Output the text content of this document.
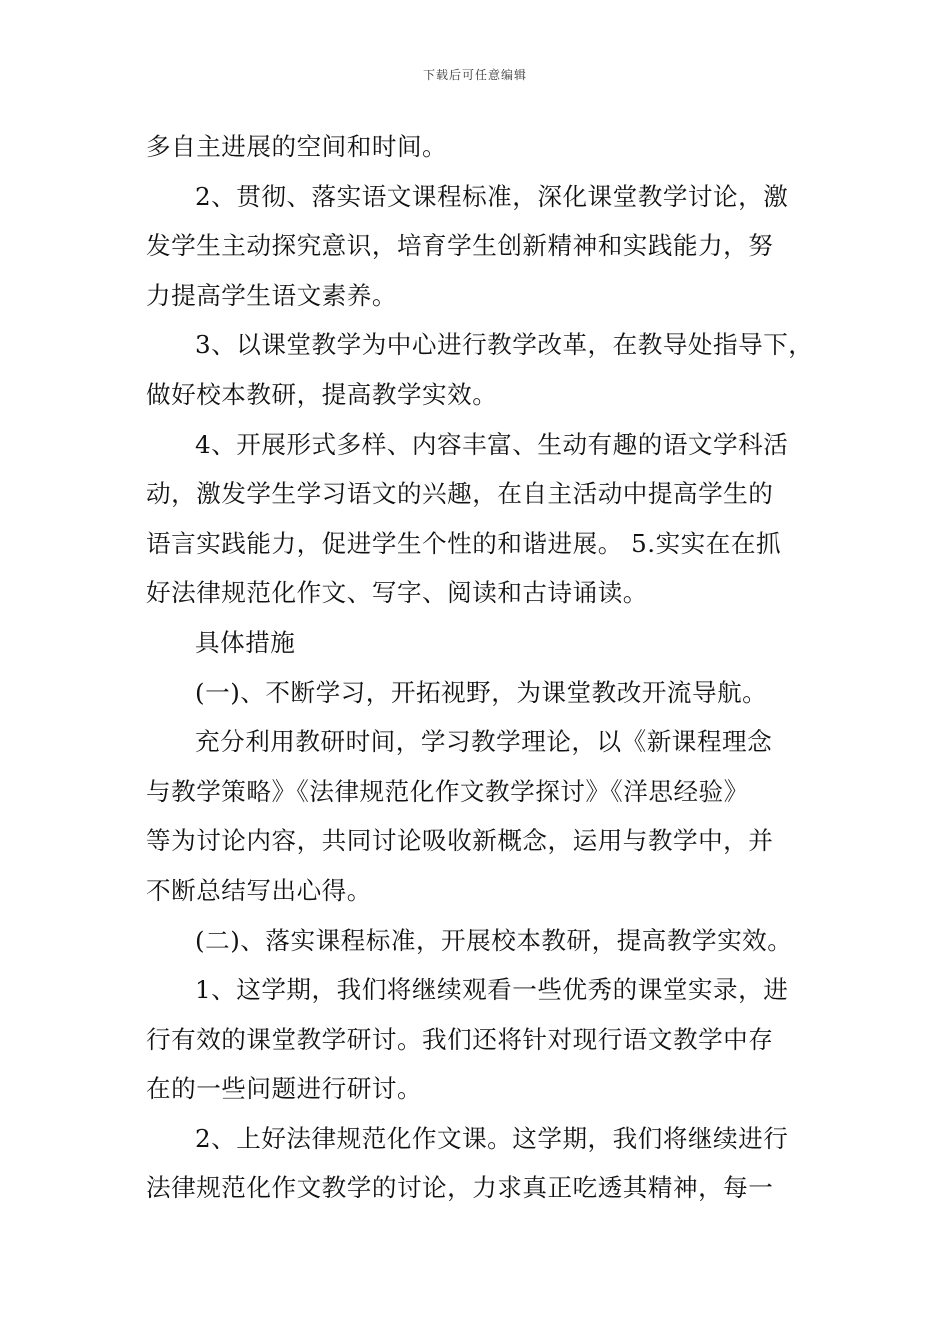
下载后可任意编辑
多自主进展的空间和时间。
2、贯彻、落实语文课程标准，深化课堂教学讨论，激
发学生主动探究意识，培育学生创新精神和实践能力，努
力提高学生语文素养。
3、以课堂教学为中心进行教学改革，在教导处指导下，
做好校本教研，提高教学实效。
4、开展形式多样、内容丰富、生动有趣的语文学科活
动，激发学生学习语文的兴趣，在自主活动中提高学生的
语言实践能力，促进学生个性的和谐进展。 5.实实在在抓
好法律规范化作文、写字、阅读和古诗诵读。
具体措施
(一)、不断学习，开拓视野，为课堂教改开流导航。
充分利用教研时间，学习教学理论，以《新课程理念
与教学策略》《法律规范化作文教学探讨》《洋思经验》
等为讨论内容，共同讨论吸收新概念，运用与教学中，并
不断总结写出心得。
(二)、落实课程标准，开展校本教研，提高教学实效。
1、这学期，我们将继续观看一些优秀的课堂实录，进
行有效的课堂教学研讨。我们还将针对现行语文教学中存
在的一些问题进行研讨。
2、上好法律规范化作文课。这学期，我们将继续进行
法律规范化作文教学的讨论，力求真正吃透其精神，每一
